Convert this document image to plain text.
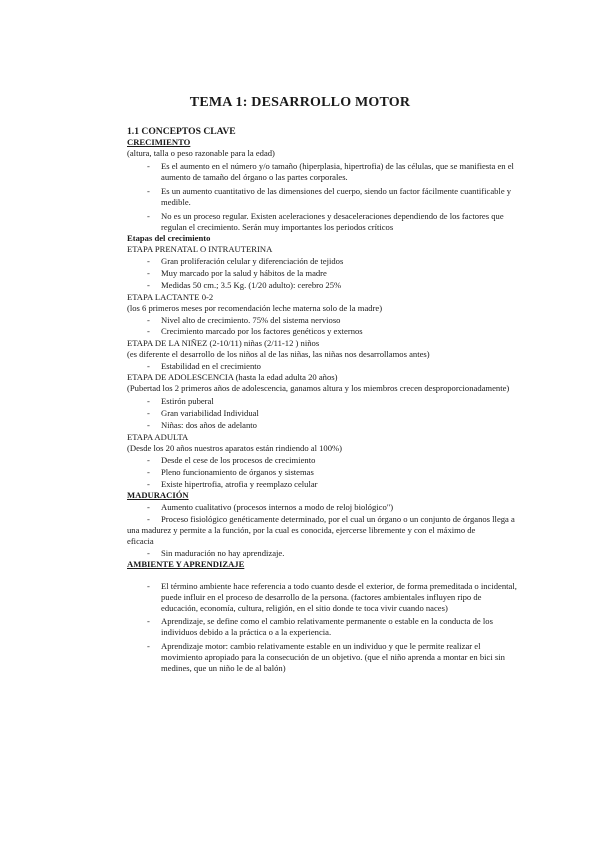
TEMA 1: DESARROLLO MOTOR
1.1 CONCEPTOS CLAVE
CRECIMIENTO
(altura, talla o peso razonable para la edad)
- Es el aumento en el número y/o tamaño (hiperplasia, hipertrofia) de las células, que se manifiesta en el
aumento de tamaño del órgano o las partes corporales.
- Es un aumento cuantitativo de las dimensiones del cuerpo, siendo un factor fácilmente cuantificable y
medible.
- No es un proceso regular. Existen aceleraciones y desaceleraciones dependiendo de los factores que
regulan el crecimiento. Serán muy importantes los periodos críticos
Etapas del crecimiento
ETAPA PRENATAL O INTRAUTERINA
- Gran proliferación celular y diferenciación de tejidos
- Muy marcado por la salud y hábitos de la madre
- Medidas 50 cm.; 3.5 Kg. (1/20 adulto): cerebro 25%
ETAPA LACTANTE 0-2
(los 6 primeros meses por recomendación leche materna solo de la madre)
- Nivel alto de crecimiento. 75% del sistema nervioso
- Crecimiento marcado por los factores genéticos y externos
ETAPA DE LA NIÑEZ (2-10/11) niñas (2/11-12 ) niños
(es diferente el desarrollo de los niños al de las niñas, las niñas nos desarrollamos antes)
- Estabilidad en el crecimiento
ETAPA DE ADOLESCENCIA (hasta la edad adulta 20 años)
(Pubertad los 2 primeros años de adolescencia, ganamos altura y los miembros crecen desproporcionadamente)
- Estirón puberal
- Gran variabilidad Individual
- Niñas: dos años de adelanto
ETAPA ADULTA
(Desde los 20 años nuestros aparatos están rindiendo al 100%)
- Desde el cese de los procesos de crecimiento
- Pleno funcionamiento de órganos y sistemas
- Existe hipertrofia, atrofia y reemplazo celular
MADURACIÓN
- Aumento cualitativo (procesos internos a modo de reloj biológico")
- Proceso fisiológico genéticamente determinado, por el cual un órgano o un conjunto de órganos llega a
una madurez y permite a la función, por la cual es conocida, ejercerse libremente y con el máximo de
eficacia
- Sin maduración no hay aprendizaje.
AMBIENTE Y APRENDIZAJE
- El término ambiente hace referencia a todo cuanto desde el exterior, de forma premeditada o incidental,
puede influir en el proceso de desarrollo de la persona. (factores ambientales influyen ripo de
educación, economía, cultura, religión, en el sitio donde te toca vivir cuando naces)
- Aprendizaje, se define como el cambio relativamente permanente o estable en la conducta de los
individuos debido a la práctica o a la experiencia.
- Aprendizaje motor: cambio relativamente estable en un individuo y que le permite realizar el
movimiento apropiado para la consecución de un objetivo. (que el niño aprenda a montar en bici sin
medines, que un niño le de al balón)
